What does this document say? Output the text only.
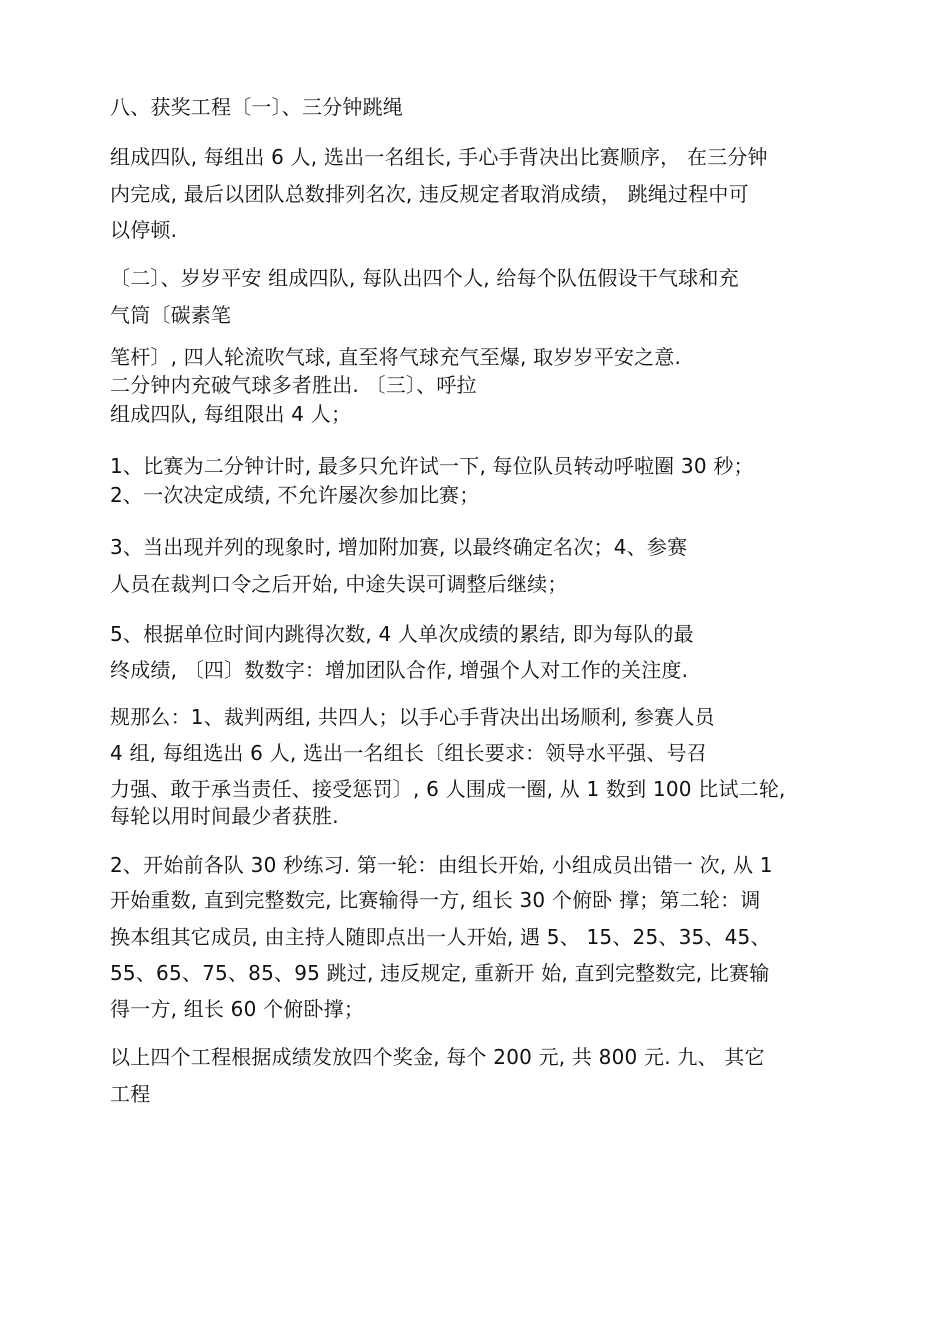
八、获奖工程〔一〕、三分钟跳绳
组成四队, 每组出 6 人, 选出一名组长, 手心手背决出比赛顺序， 在三分钟
内完成, 最后以团队总数排列名次, 违反规定者取消成绩， 跳绳过程中可
以停顿.
〔二〕、岁岁平安 组成四队, 每队出四个人, 给每个队伍假设干气球和充
气筒〔碳素笔
笔杆〕, 四人轮流吹气球, 直至将气球充气至爆, 取岁岁平安之意.
二分钟内充破气球多者胜出. 〔三〕、呼拉
组成四队, 每组限出 4 人；
1、比赛为二分钟计时, 最多只允许试一下, 每位队员转动呼啦圈 30 秒；
2、一次决定成绩, 不允许屡次参加比赛；
3、当出现并列的现象时, 增加附加赛, 以最终确定名次；4、参赛
人员在裁判口令之后开始, 中途失误可调整后继续；
5、根据单位时间内跳得次数, 4 人单次成绩的累结, 即为每队的最
终成绩, 〔四〕数数字：增加团队合作, 增强个人对工作的关注度.
规那么：1、裁判两组, 共四人；以手心手背决出出场顺利, 参赛人员
4 组, 每组选出 6 人, 选出一名组长〔组长要求：领导水平强、号召
力强、敢于承当责任、接受惩罚〕, 6 人围成一圈, 从 1 数到 100 比试二轮,
每轮以用时间最少者获胜.
2、开始前各队 30 秒练习. 第一轮：由组长开始, 小组成员出错一 次, 从 1
开始重数, 直到完整数完, 比赛输得一方, 组长 30 个俯卧 撑；第二轮：调
换本组其它成员, 由主持人随即点出一人开始, 遇 5、 15、25、35、45、
55、65、75、85、95 跳过, 违反规定, 重新开 始, 直到完整数完, 比赛输
得一方, 组长 60 个俯卧撑；
以上四个工程根据成绩发放四个奖金, 每个 200 元, 共 800 元. 九、 其它
工程
